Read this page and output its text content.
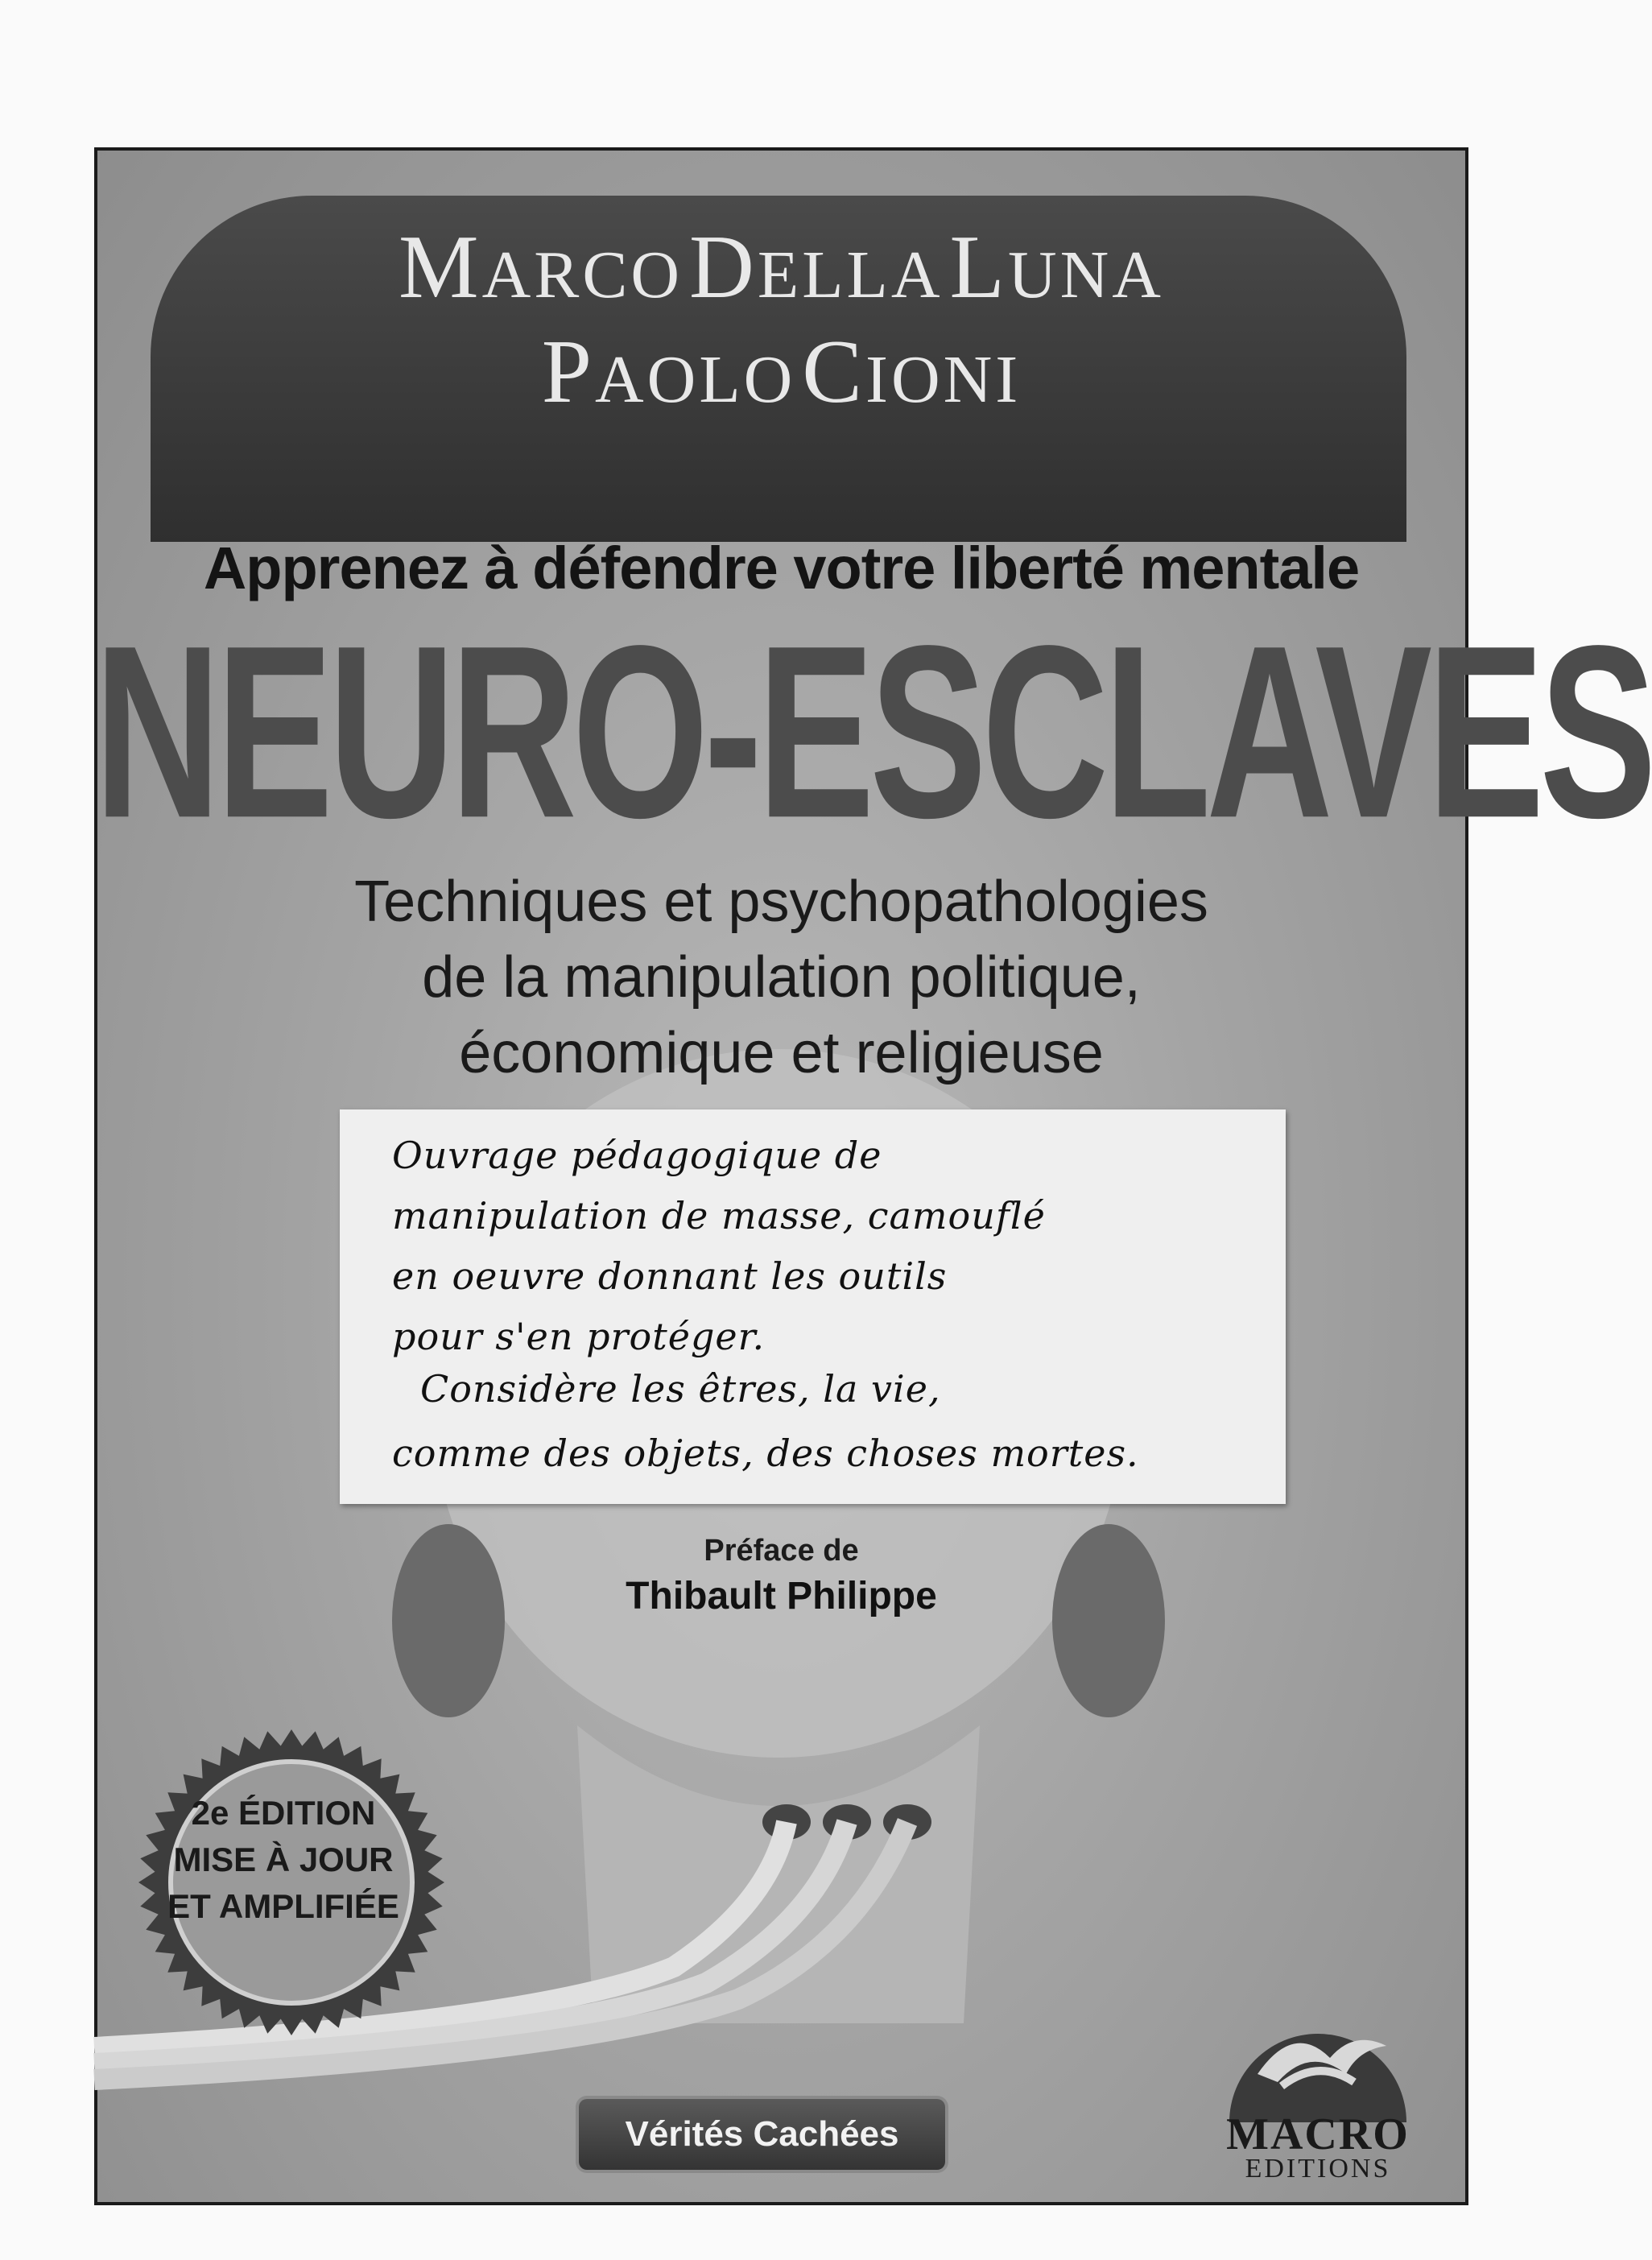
MARCO DELLA LUNA
PAOLO CIONI
Apprenez à défendre votre liberté mentale
NEURO-ESCLAVES
Techniques et psychopathologies
de la manipulation politique,
économique et religieuse
Ouvrage pédagogique de
manipulation de masse, camouflé
en oeuvre donnant les outils
pour s'en protéger.
Considère les êtres, la vie,
comme des objets, des choses mortes.
Préface de
Thibault Philippe
2e ÉDITION
MISE À JOUR
ET AMPLIFIÉE
Vérités Cachées	MACRO
EDITIONS
